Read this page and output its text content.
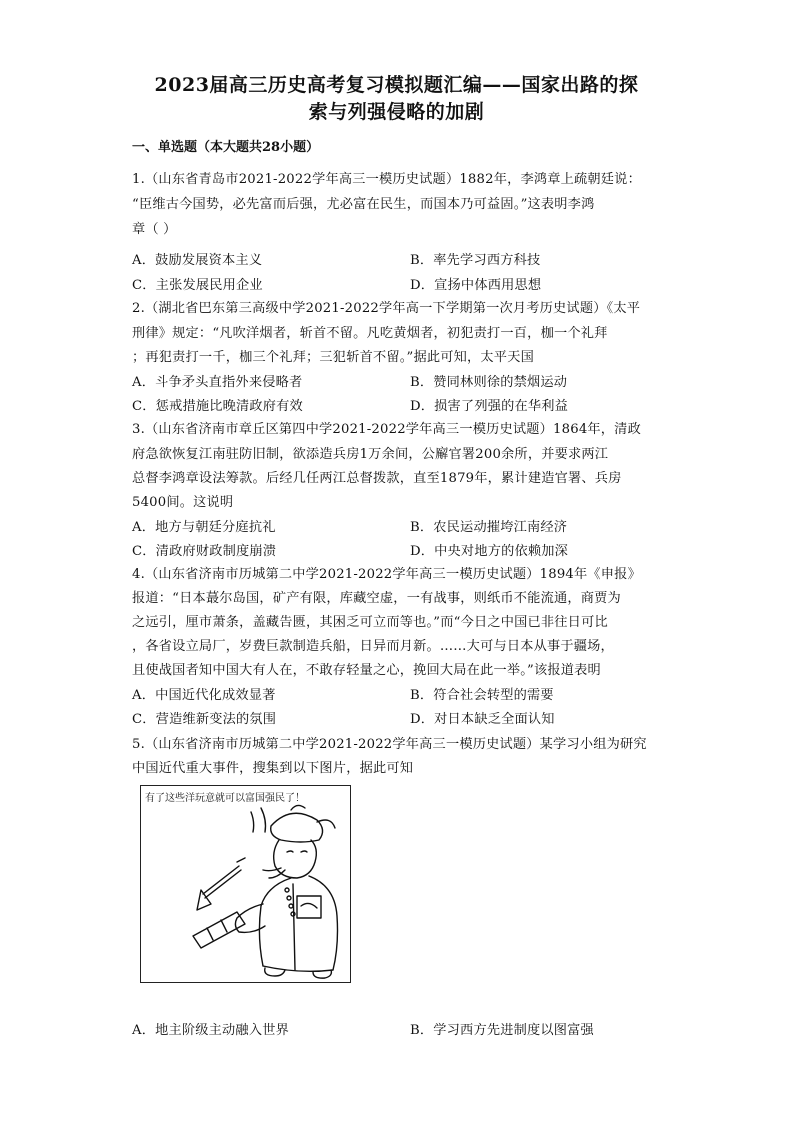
2023届高三历史高考复习模拟题汇编——国家出路的探
索与列强侵略的加剧
一、单选题（本大题共28小题）
1.（山东省青岛市2021-2022学年高三一模历史试题）1882年，李鸿章上疏朝廷说：
“臣维古今国势，必先富而后强，尤必富在民生，而国本乃可益固。”这表明李鸿
章（ ）
A．鼓励发展资本主义	B．率先学习西方科技
C．主张发展民用企业	D．宣扬中体西用思想
2.（湖北省巴东第三高级中学2021-2022学年高一下学期第一次月考历史试题）《太平
刑律》规定：“凡吹洋烟者，斩首不留。凡吃黄烟者，初犯责打一百，枷一个礼拜
；再犯责打一千，枷三个礼拜；三犯斩首不留。”据此可知，太平天国
A．斗争矛头直指外来侵略者	B．赞同林则徐的禁烟运动
C．惩戒措施比晚清政府有效	D．损害了列强的在华利益
3.（山东省济南市章丘区第四中学2021-2022学年高三一模历史试题）1864年，清政
府急欲恢复江南驻防旧制，欲添造兵房1万余间，公廨官署200余所，并要求两江
总督李鸿章设法筹款。后经几任两江总督拨款，直至1879年，累计建造官署、兵房
5400间。这说明
A．地方与朝廷分庭抗礼	B．农民运动摧垮江南经济
C．清政府财政制度崩溃	D．中央对地方的依赖加深
4.（山东省济南市历城第二中学2021-2022学年高三一模历史试题）1894年《申报》
报道：“日本蕞尔岛国，矿产有限，库藏空虚，一有战事，则纸币不能流通，商贾为
之远引，厘市萧条，盖藏告匮，其困乏可立而等也。”而“今日之中国已非往日可比
，各省设立局厂，岁费巨款制造兵船，日异而月新。……大可与日本从事于疆场，
且使战国者知中国大有人在，不敢存轻量之心，挽回大局在此一举。”该报道表明
A．中国近代化成效显著	B．符合社会转型的需要
C．营造维新变法的氛围	D．对日本缺乏全面认知
5.（山东省济南市历城第二中学2021-2022学年高三一模历史试题）某学习小组为研究
中国近代重大事件，搜集到以下图片，据此可知
有了这些洋玩意就可以富国强民了！
A．地主阶级主动融入世界	B．学习西方先进制度以图富强
